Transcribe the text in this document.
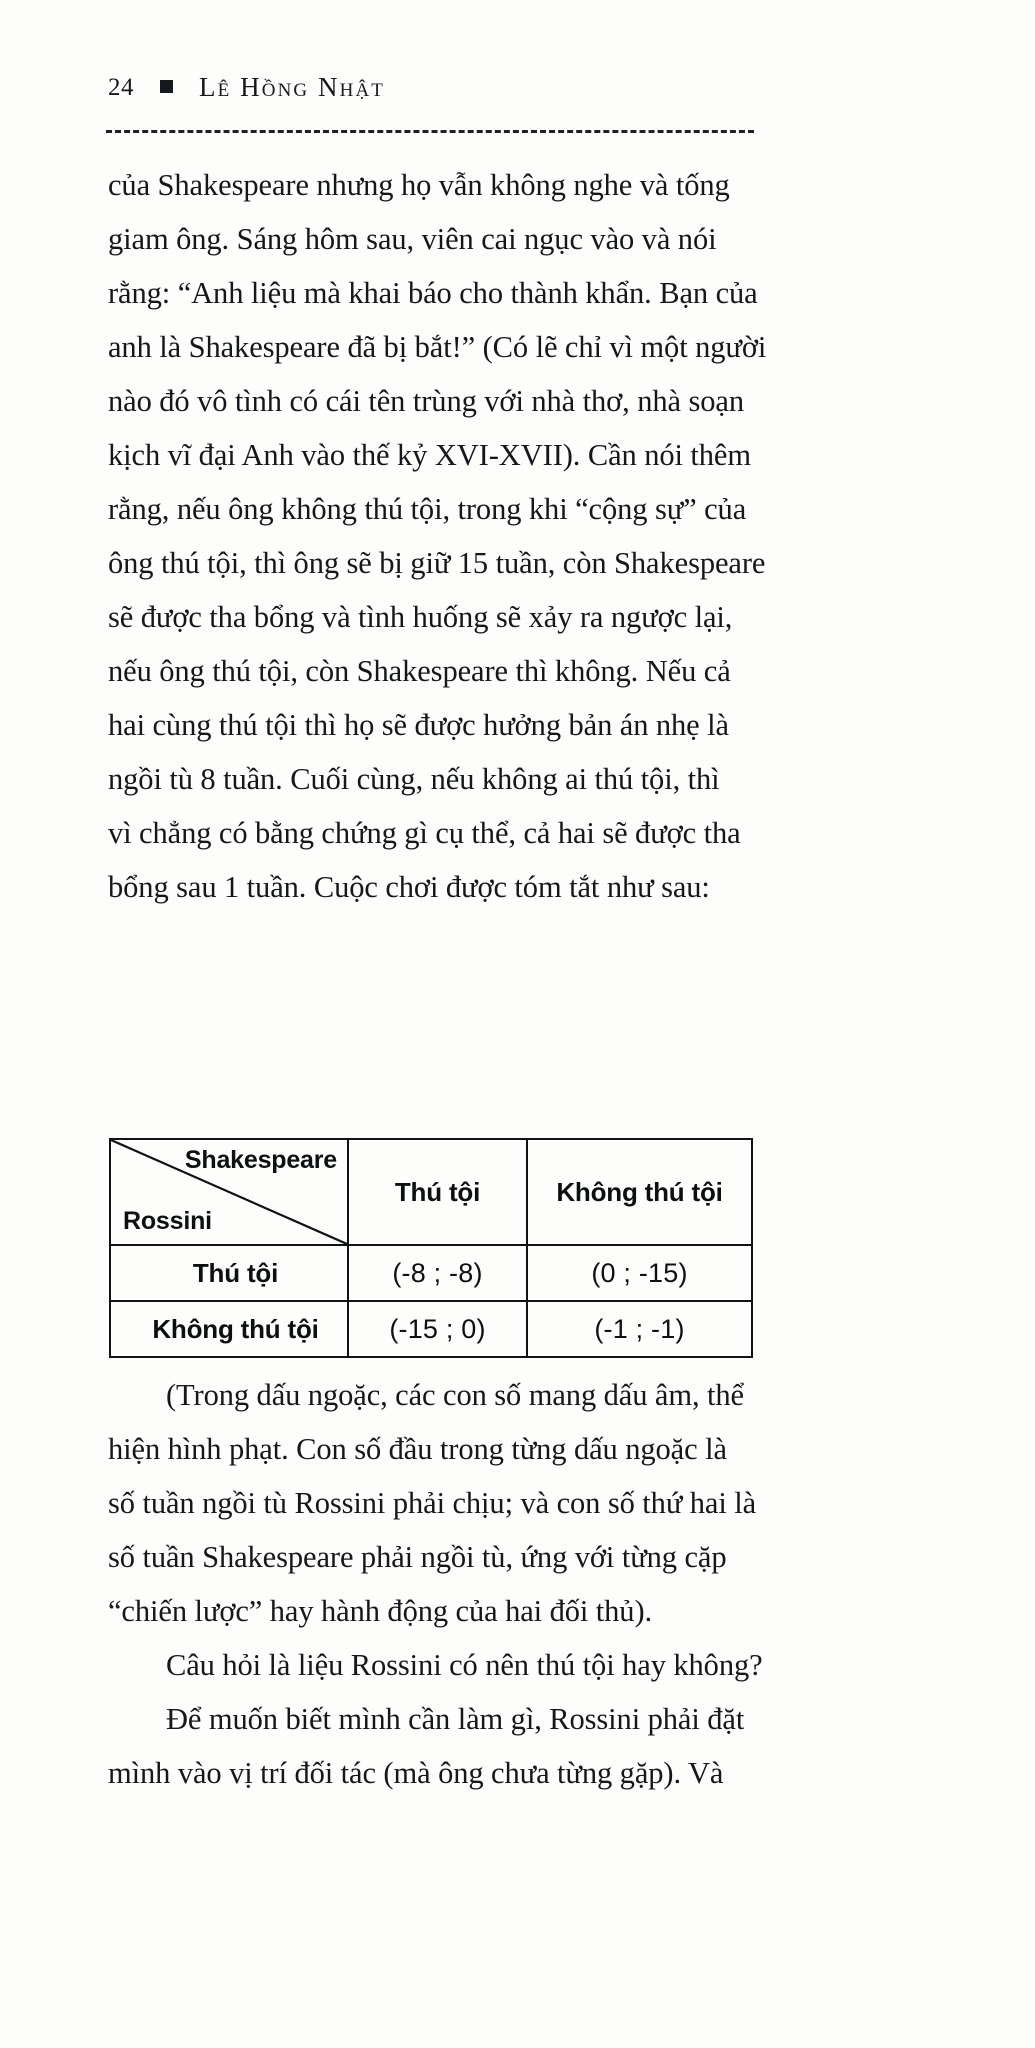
24 Lê Hồng Nhật
của Shakespeare nhưng họ vẫn không nghe và tống
giam ông. Sáng hôm sau, viên cai ngục vào và nói
rằng: “Anh liệu mà khai báo cho thành khẩn. Bạn của
anh là Shakespeare đã bị bắt!” (Có lẽ chỉ vì một người
nào đó vô tình có cái tên trùng với nhà thơ, nhà soạn
kịch vĩ đại Anh vào thế kỷ XVI-XVII). Cần nói thêm
rằng, nếu ông không thú tội, trong khi “cộng sự” của
ông thú tội, thì ông sẽ bị giữ 15 tuần, còn Shakespeare
sẽ được tha bổng và tình huống sẽ xảy ra ngược lại,
nếu ông thú tội, còn Shakespeare thì không. Nếu cả
hai cùng thú tội thì họ sẽ được hưởng bản án nhẹ là
ngồi tù 8 tuần. Cuối cùng, nếu không ai thú tội, thì
vì chẳng có bằng chứng gì cụ thể, cả hai sẽ được tha
bổng sau 1 tuần. Cuộc chơi được tóm tắt như sau:
Shakespeare
Rossini	Thú tội	Không thú tội
Thú tội	(-8 ; -8)	(0 ; -15)
Không thú tội	(-15 ; 0)	(-1 ; -1)
(Trong dấu ngoặc, các con số mang dấu âm, thể
hiện hình phạt. Con số đầu trong từng dấu ngoặc là
số tuần ngồi tù Rossini phải chịu; và con số thứ hai là
số tuần Shakespeare phải ngồi tù, ứng với từng cặp
“chiến lược” hay hành động của hai đối thủ).
Câu hỏi là liệu Rossini có nên thú tội hay không?
Để muốn biết mình cần làm gì, Rossini phải đặt
mình vào vị trí đối tác (mà ông chưa từng gặp). Và
